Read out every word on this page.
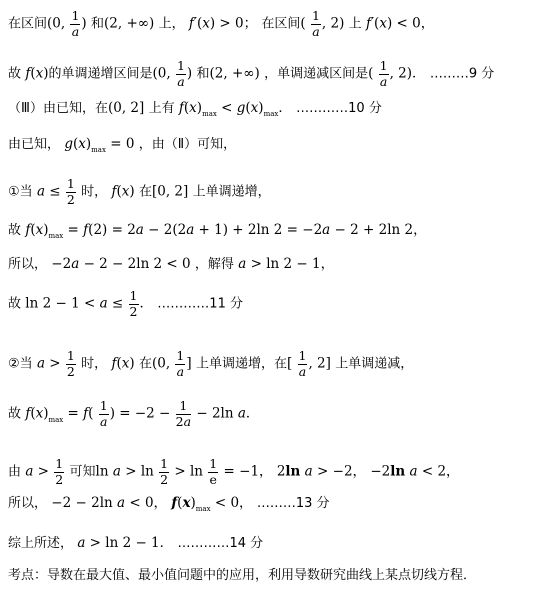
在区间(0, $\frac{1}{a}$ ) 和(2, +∞) 上， f′(x) > 0； 在区间( $\frac{1}{a}$ , 2) 上 f′(x) < 0，
故 f(x)的单调递增区间是(0, $\frac{1}{a}$ ) 和(2, +∞) ，单调递减区间是( $\frac{1}{a}$ , 2)． ………9 分
（Ⅲ）由已知，在(0, 2] 上有 $f(x)_{max} < g(x)_{max}$． …………10 分
由已知， $g(x)_{max} = 0$ ，由（Ⅱ）可知，
①当 $a \le \frac{1}{2}$ 时， f(x) 在[0, 2] 上单调递增，
故 $f(x)_{max} = f(2) = 2a - 2(2a + 1) + 2\ln$ 2 = −2a − 2 + 2ln 2，
所以， −2a − 2 − 2ln 2 < 0 ，解得 a > ln 2 − 1，
故 $\ln 2 - 1 < a \le \frac{1}{2}$ ． …………11 分
②当 $a > \frac{1}{2}$ 时， f(x) 在(0, $\frac{1}{a}$ ] 上单调递增，在[ $\frac{1}{a}$ , 2] 上单调递减，
故 $f(x)_{max} = f( \frac{1}{a}$ ) = $-2 - \frac{1}{2a} - 2\ln$ a．
由 $a > \frac{1}{2}$ 可知$\ln a > \ln \frac{1}{2} > \ln \frac{1}{e} = -1$， 2ln a > −2， −2ln a < 2，
所以， −2 − 2ln a < 0， $f(x)_{max} < 0$， ………13 分
综上所述， a > ln 2 − 1． …………14 分
考点：导数在最大值、最小值问题中的应用，利用导数研究曲线上某点切线方程．
